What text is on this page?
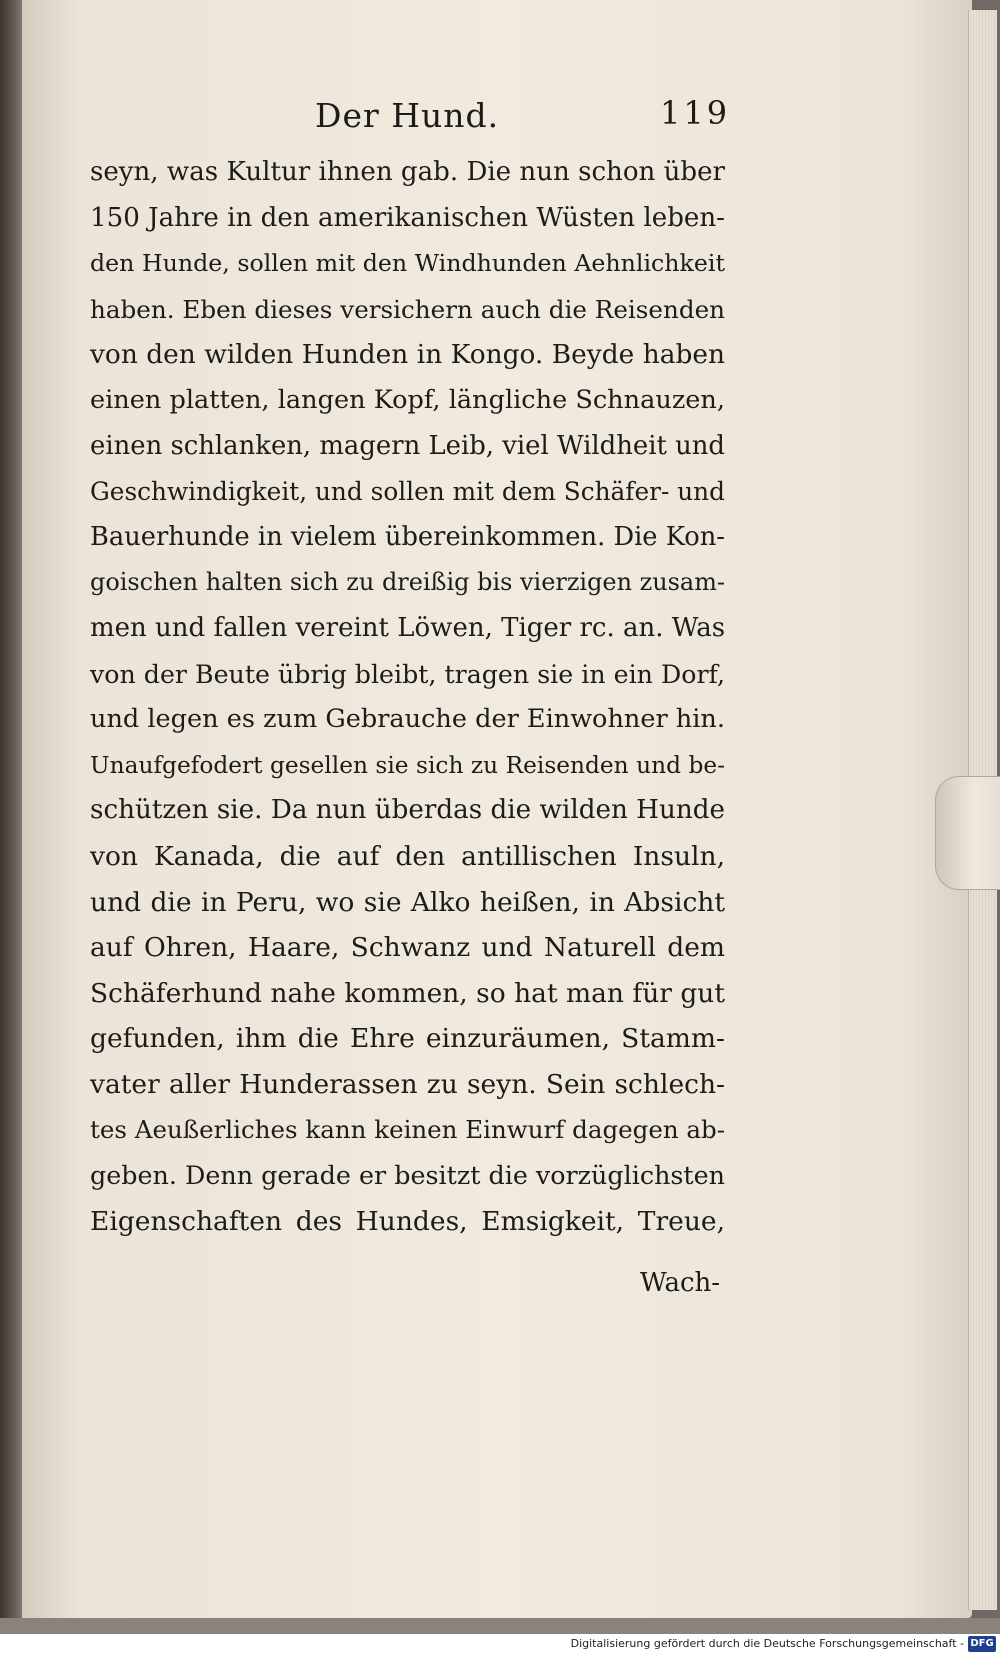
Der Hund.	119
seyn, was Kultur ihnen gab. Die nun schon über
150 Jahre in den amerikanischen Wüsten leben-
den Hunde, sollen mit den Windhunden Aehnlichkeit
haben. Eben dieses versichern auch die Reisenden
von den wilden Hunden in Kongo. Beyde haben
einen platten, langen Kopf, längliche Schnauzen,
einen schlanken, magern Leib, viel Wildheit und
Geschwindigkeit, und sollen mit dem Schäfer- und
Bauerhunde in vielem übereinkommen. Die Kon-
goischen halten sich zu dreißig bis vierzigen zusam-
men und fallen vereint Löwen, Tiger rc. an. Was
von der Beute übrig bleibt, tragen sie in ein Dorf,
und legen es zum Gebrauche der Einwohner hin.
Unaufgefodert gesellen sie sich zu Reisenden und be-
schützen sie. Da nun überdas die wilden Hunde
von Kanada, die auf den antillischen Insuln,
und die in Peru, wo sie Alko heißen, in Absicht
auf Ohren, Haare, Schwanz und Naturell dem
Schäferhund nahe kommen, so hat man für gut
gefunden, ihm die Ehre einzuräumen, Stamm-
vater aller Hunderassen zu seyn. Sein schlech-
tes Aeußerliches kann keinen Einwurf dagegen ab-
geben. Denn gerade er besitzt die vorzüglichsten
Eigenschaften des Hundes, Emsigkeit, Treue,
Wach-
Digitalisierung gefördert durch die Deutsche Forschungsgemeinschaft - DFG
